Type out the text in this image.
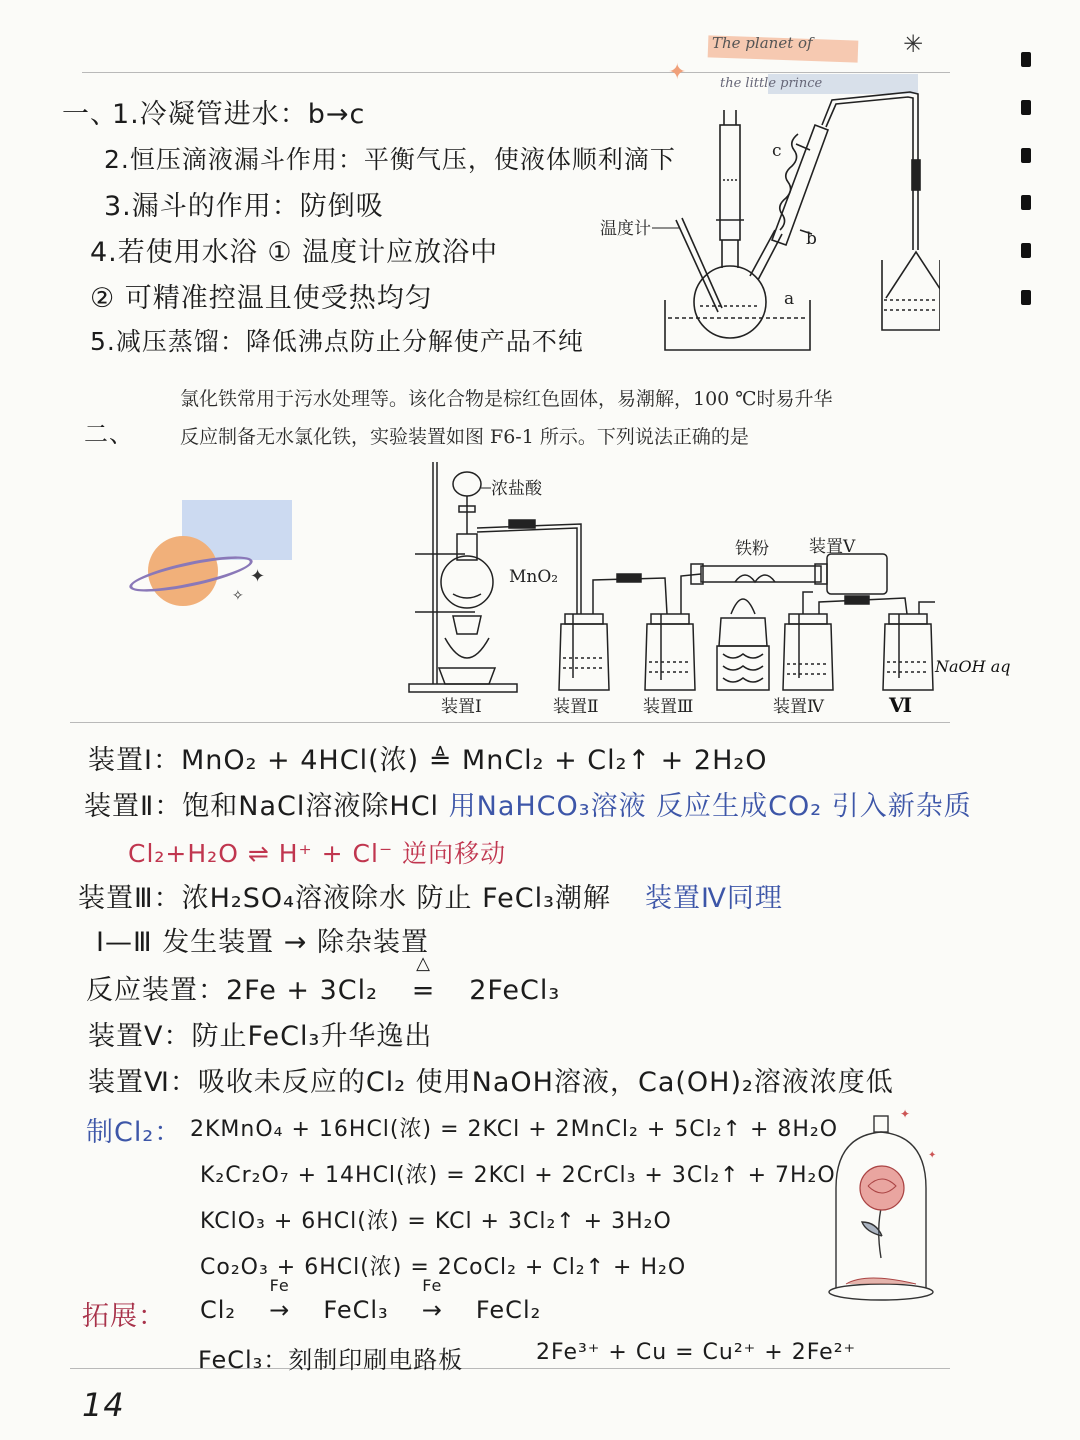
The planet of
the little prince
✦
✳
一、
1.冷凝管进水：b→c
2.恒压滴液漏斗作用：平衡气压，使液体顺利滴下
3.漏斗的作用：防倒吸
4.若使用水浴 ① 温度计应放浴中
② 可精准控温且使受热均匀
5.减压蒸馏：降低沸点防止分解使产品不纯
温度计
c
b
a
二、
氯化铁常用于污水处理等。该化合物是棕红色固体，易潮解，100 ℃时易升华
反应制备无水氯化铁，实验装置如图 F6-1 所示。下列说法正确的是
✦
✧
浓盐酸
MnO₂
铁粉 装置V
装置Ⅰ	装置Ⅱ	装置Ⅲ	装置Ⅳ	Ⅵ
NaOH aq
装置Ⅰ：MnO₂ + 4HCl(浓) ≜ MnCl₂ + Cl₂↑ + 2H₂O
装置Ⅱ：饱和NaCl溶液除HCl 用NaHCO₃溶液 反应生成CO₂ 引入新杂质
Cl₂+H₂O ⇌ H⁺ + Cl⁻ 逆向移动
装置Ⅲ：浓H₂SO₄溶液除水 防止 FeCl₃潮解 装置Ⅳ同理
Ⅰ—Ⅲ 发生装置 → 除杂装置
反应装置：2Fe + 3Cl₂
△
= 2FeCl₃
装置Ⅴ：防止FeCl₃升华逸出
装置Ⅵ：吸收未反应的Cl₂ 使用NaOH溶液，Ca(OH)₂溶液浓度低
制Cl₂： 2KMnO₄ + 16HCl(浓) = 2KCl + 2MnCl₂ + 5Cl₂↑ + 8H₂O
K₂Cr₂O₇ + 14HCl(浓) = 2KCl + 2CrCl₃ + 3Cl₂↑ + 7H₂O
KClO₃ + 6HCl(浓) = KCl + 3Cl₂↑ + 3H₂O
Co₂O₃ + 6HCl(浓) = 2CoCl₂ + Cl₂↑ + H₂O
拓展： Cl₂
Fe
→ FeCl₃
Fe
→ FeCl₂
FeCl₃：刻制印刷电路板	2Fe³⁺ + Cu = Cu²⁺ + 2Fe²⁺
✦
✦
14
